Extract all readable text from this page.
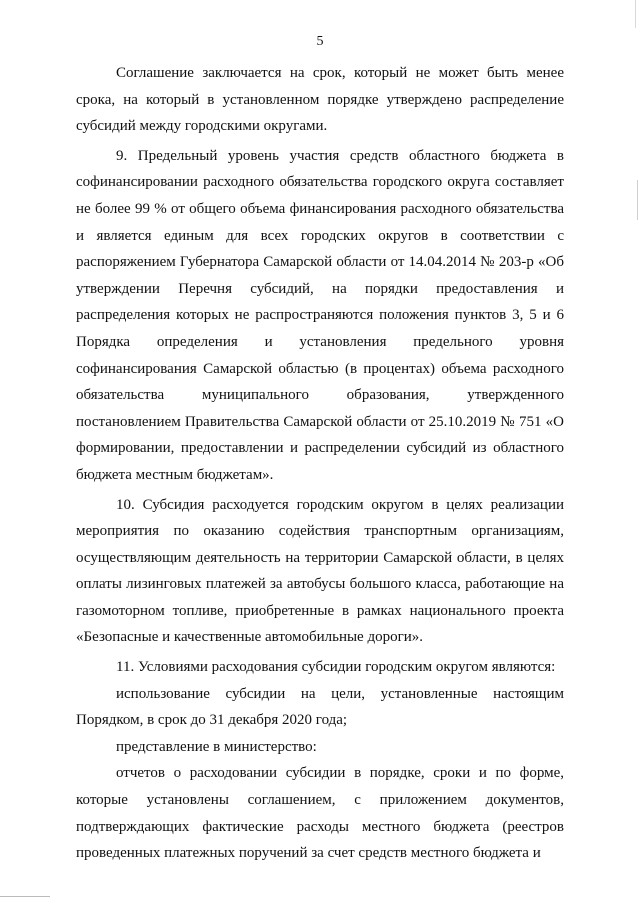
5

Соглашение заключается на срок, который не может быть менее срока, на который в установленном порядке утверждено распределение субсидий между городскими округами.

9. Предельный уровень участия средств областного бюджета в софинансировании расходного обязательства городского округа составляет не более 99 % от общего объема финансирования расходного обязательства и является единым для всех городских округов в соответствии с распоряжением Губернатора Самарской области от 14.04.2014 № 203-р «Об утверждении Перечня субсидий, на порядки предоставления и распределения которых не распространяются положения пунктов 3, 5 и 6 Порядка определения и установления предельного уровня софинансирования Самарской областью (в процентах) объема расходного обязательства муниципального образования, утвержденного постановлением Правительства Самарской области от 25.10.2019 № 751 «О формировании, предоставлении и распределении субсидий из областного бюджета местным бюджетам».

10. Субсидия расходуется городским округом в целях реализации мероприятия по оказанию содействия транспортным организациям, осуществляющим деятельность на территории Самарской области, в целях оплаты лизинговых платежей за автобусы большого класса, работающие на газомоторном топливе, приобретенные в рамках национального проекта «Безопасные и качественные автомобильные дороги».

11. Условиями расходования субсидии городским округом являются:

использование субсидии на цели, установленные настоящим Порядком, в срок до 31 декабря 2020 года;

представление в министерство:

отчетов о расходовании субсидии в порядке, сроки и по форме, которые установлены соглашением, с приложением документов, подтверждающих фактические расходы местного бюджета (реестров проведенных платежных поручений за счет средств местного бюджета и
